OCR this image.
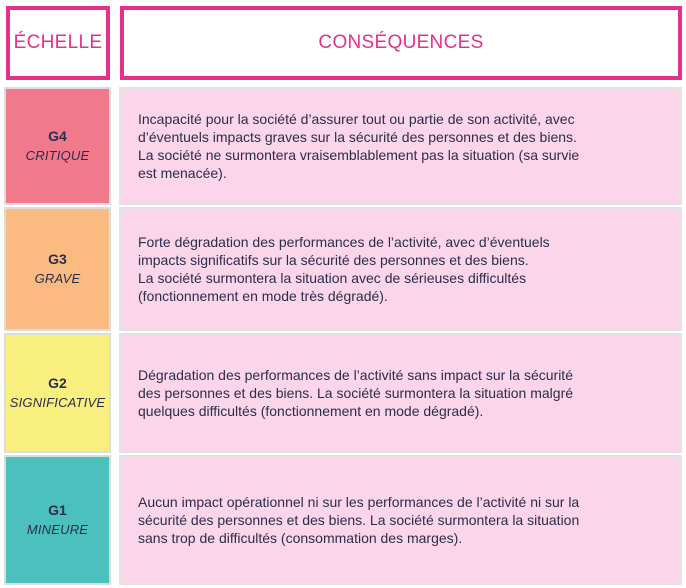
ÉCHELLE	CONSÉQUENCES
G4
CRITIQUE
Incapacité pour la société d’assurer tout ou partie de son activité, avec
d’éventuels impacts graves sur la sécurité des personnes et des biens.
La société ne surmontera vraisemblablement pas la situation (sa survie
est menacée).
G3
GRAVE
Forte dégradation des performances de l’activité, avec d’éventuels
impacts significatifs sur la sécurité des personnes et des biens.
La société surmontera la situation avec de sérieuses difficultés
(fonctionnement en mode très dégradé).
G2
SIGNIFICATIVE
Dégradation des performances de l’activité sans impact sur la sécurité
des personnes et des biens. La société surmontera la situation malgré
quelques difficultés (fonctionnement en mode dégradé).
G1
MINEURE
Aucun impact opérationnel ni sur les performances de l’activité ni sur la
sécurité des personnes et des biens. La société surmontera la situation
sans trop de difficultés (consommation des marges).
